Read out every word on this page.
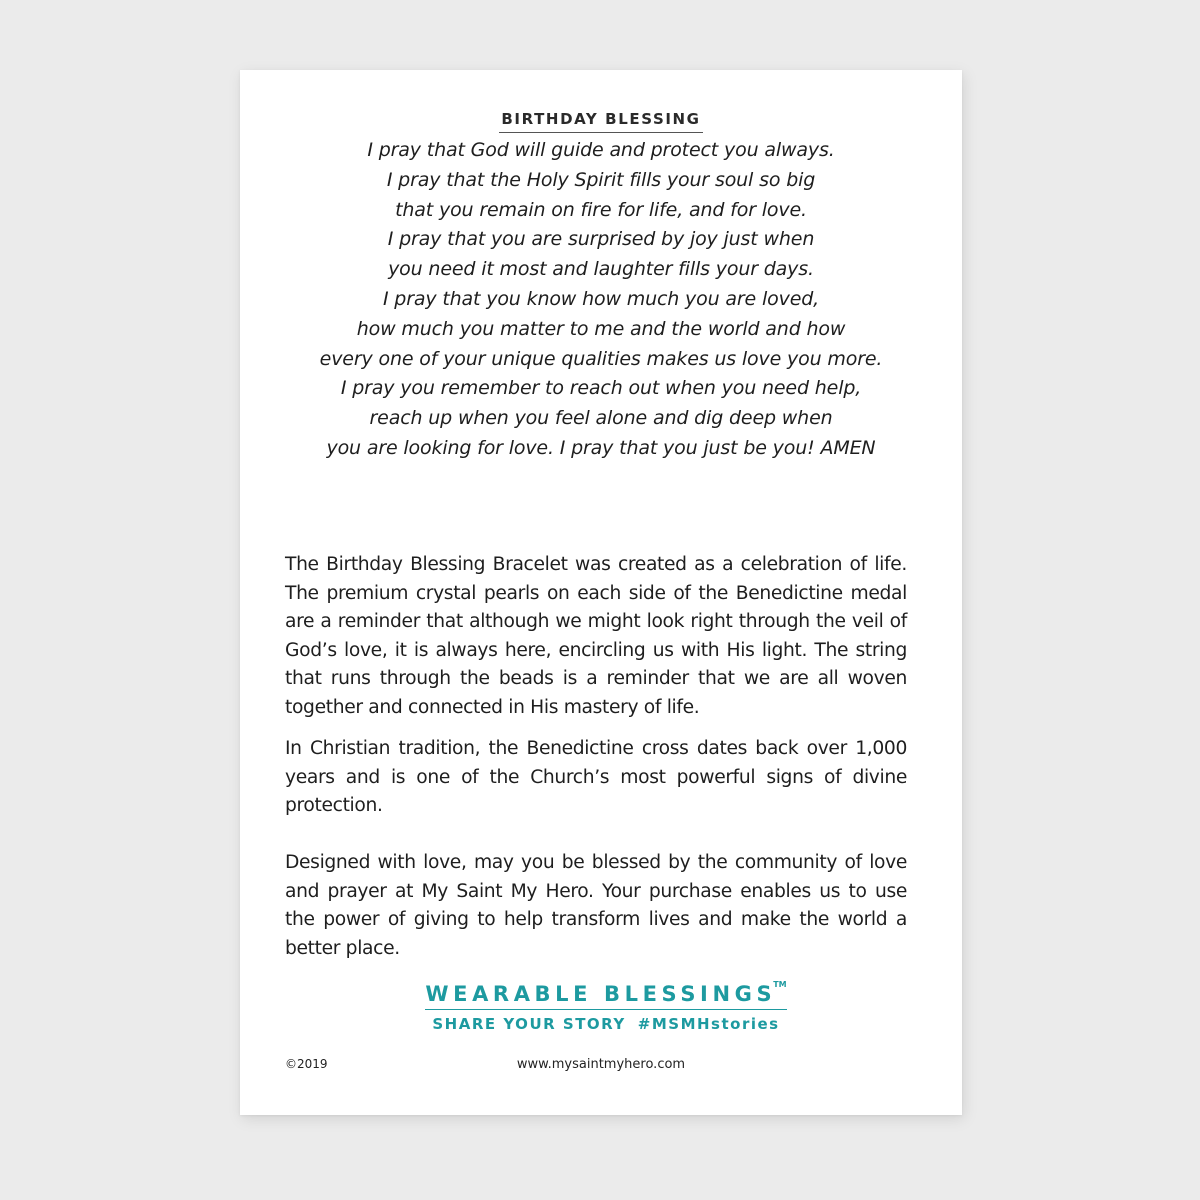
BIRTHDAY BLESSING
I pray that God will guide and protect you always.
I pray that the Holy Spirit fills your soul so big
that you remain on fire for life, and for love.
I pray that you are surprised by joy just when
you need it most and laughter fills your days.
I pray that you know how much you are loved,
how much you matter to me and the world and how
every one of your unique qualities makes us love you more.
I pray you remember to reach out when you need help,
reach up when you feel alone and dig deep when
you are looking for love. I pray that you just be you! AMEN

The Birthday Blessing Bracelet was created as a celebration of life. The premium crystal pearls on each side of the Benedictine medal are a reminder that although we might look right through the veil of God’s love, it is always here, encircling us with His light. The string that runs through the beads is a reminder that we are all woven together and connected in His mastery of life.

In Christian tradition, the Benedictine cross dates back over 1,000 years and is one of the Church’s most powerful signs of divine protection.

Designed with love, may you be blessed by the community of love and prayer at My Saint My Hero. Your purchase enables us to use the power of giving to help transform lives and make the world a better place.

WEARABLE BLESSINGS™
SHARE YOUR STORY #MSMHstories
©2019	www.mysaintmyhero.com
